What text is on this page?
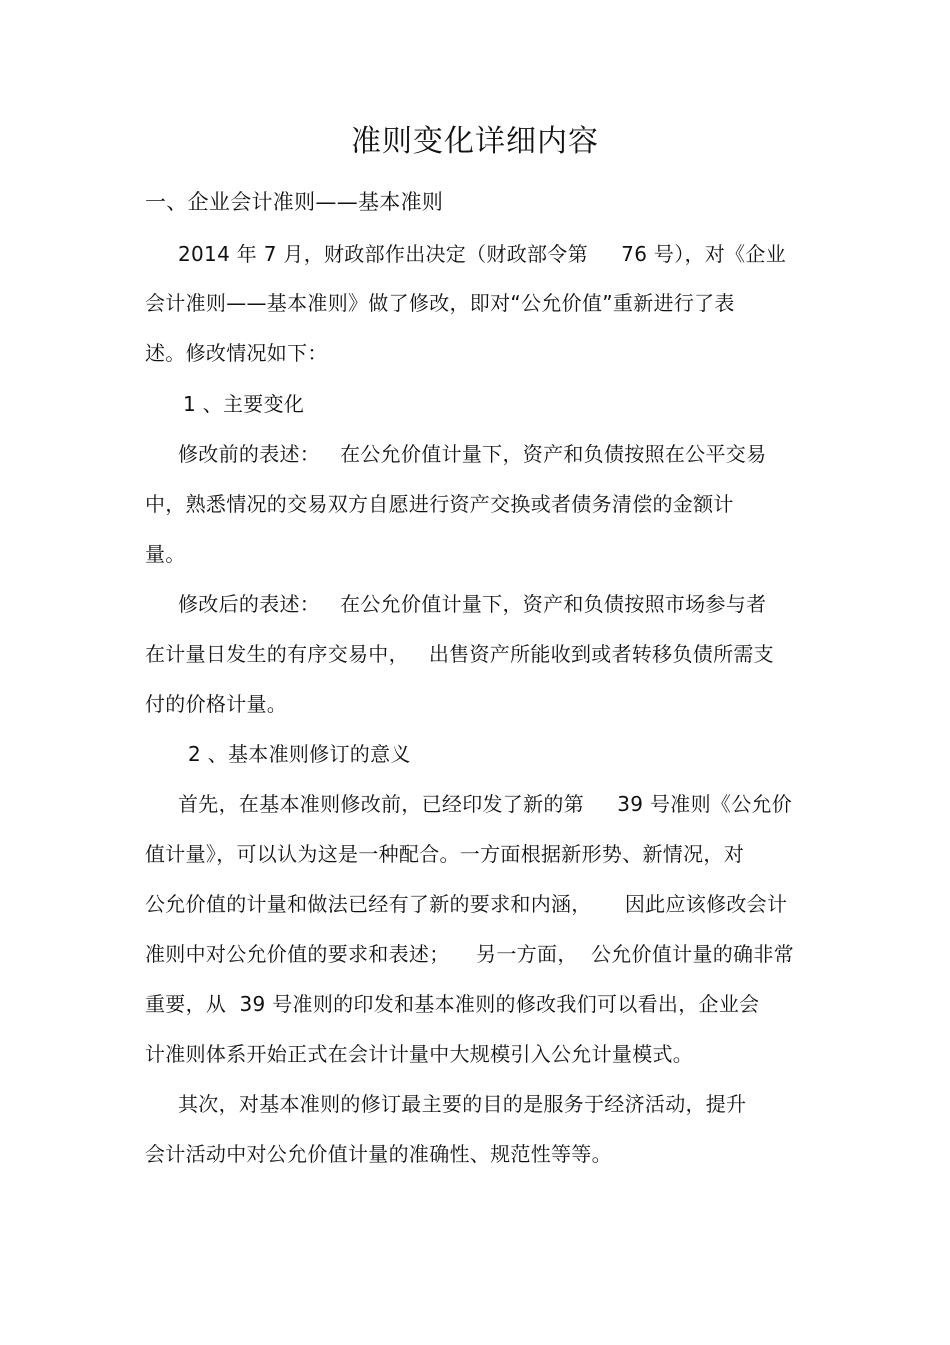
准则变化详细内容
一、企业会计准则——基本准则
2014 年 7 月，财政部作出决定（财政部令第     76 号），对《企业
会计准则——基本准则》做了修改，即对“公允价值”重新进行了表
述。修改情况如下：
1 、主要变化
修改前的表述：   在公允价值计量下，资产和负债按照在公平交易
中，熟悉情况的交易双方自愿进行资产交换或者债务清偿的金额计
量。
修改后的表述：   在公允价值计量下，资产和负债按照市场参与者
在计量日发生的有序交易中，   出售资产所能收到或者转移负债所需支
付的价格计量。
2 、基本准则修订的意义
首先，在基本准则修改前，已经印发了新的第     39 号准则《公允价
值计量》，可以认为这是一种配合。一方面根据新形势、新情况，对
公允价值的计量和做法已经有了新的要求和内涵，     因此应该修改会计
准则中对公允价值的要求和表述；    另一方面，  公允价值计量的确非常
重要，从  39 号准则的印发和基本准则的修改我们可以看出，企业会
计准则体系开始正式在会计计量中大规模引入公允计量模式。
其次，对基本准则的修订最主要的目的是服务于经济活动，提升
会计活动中对公允价值计量的准确性、规范性等等。
